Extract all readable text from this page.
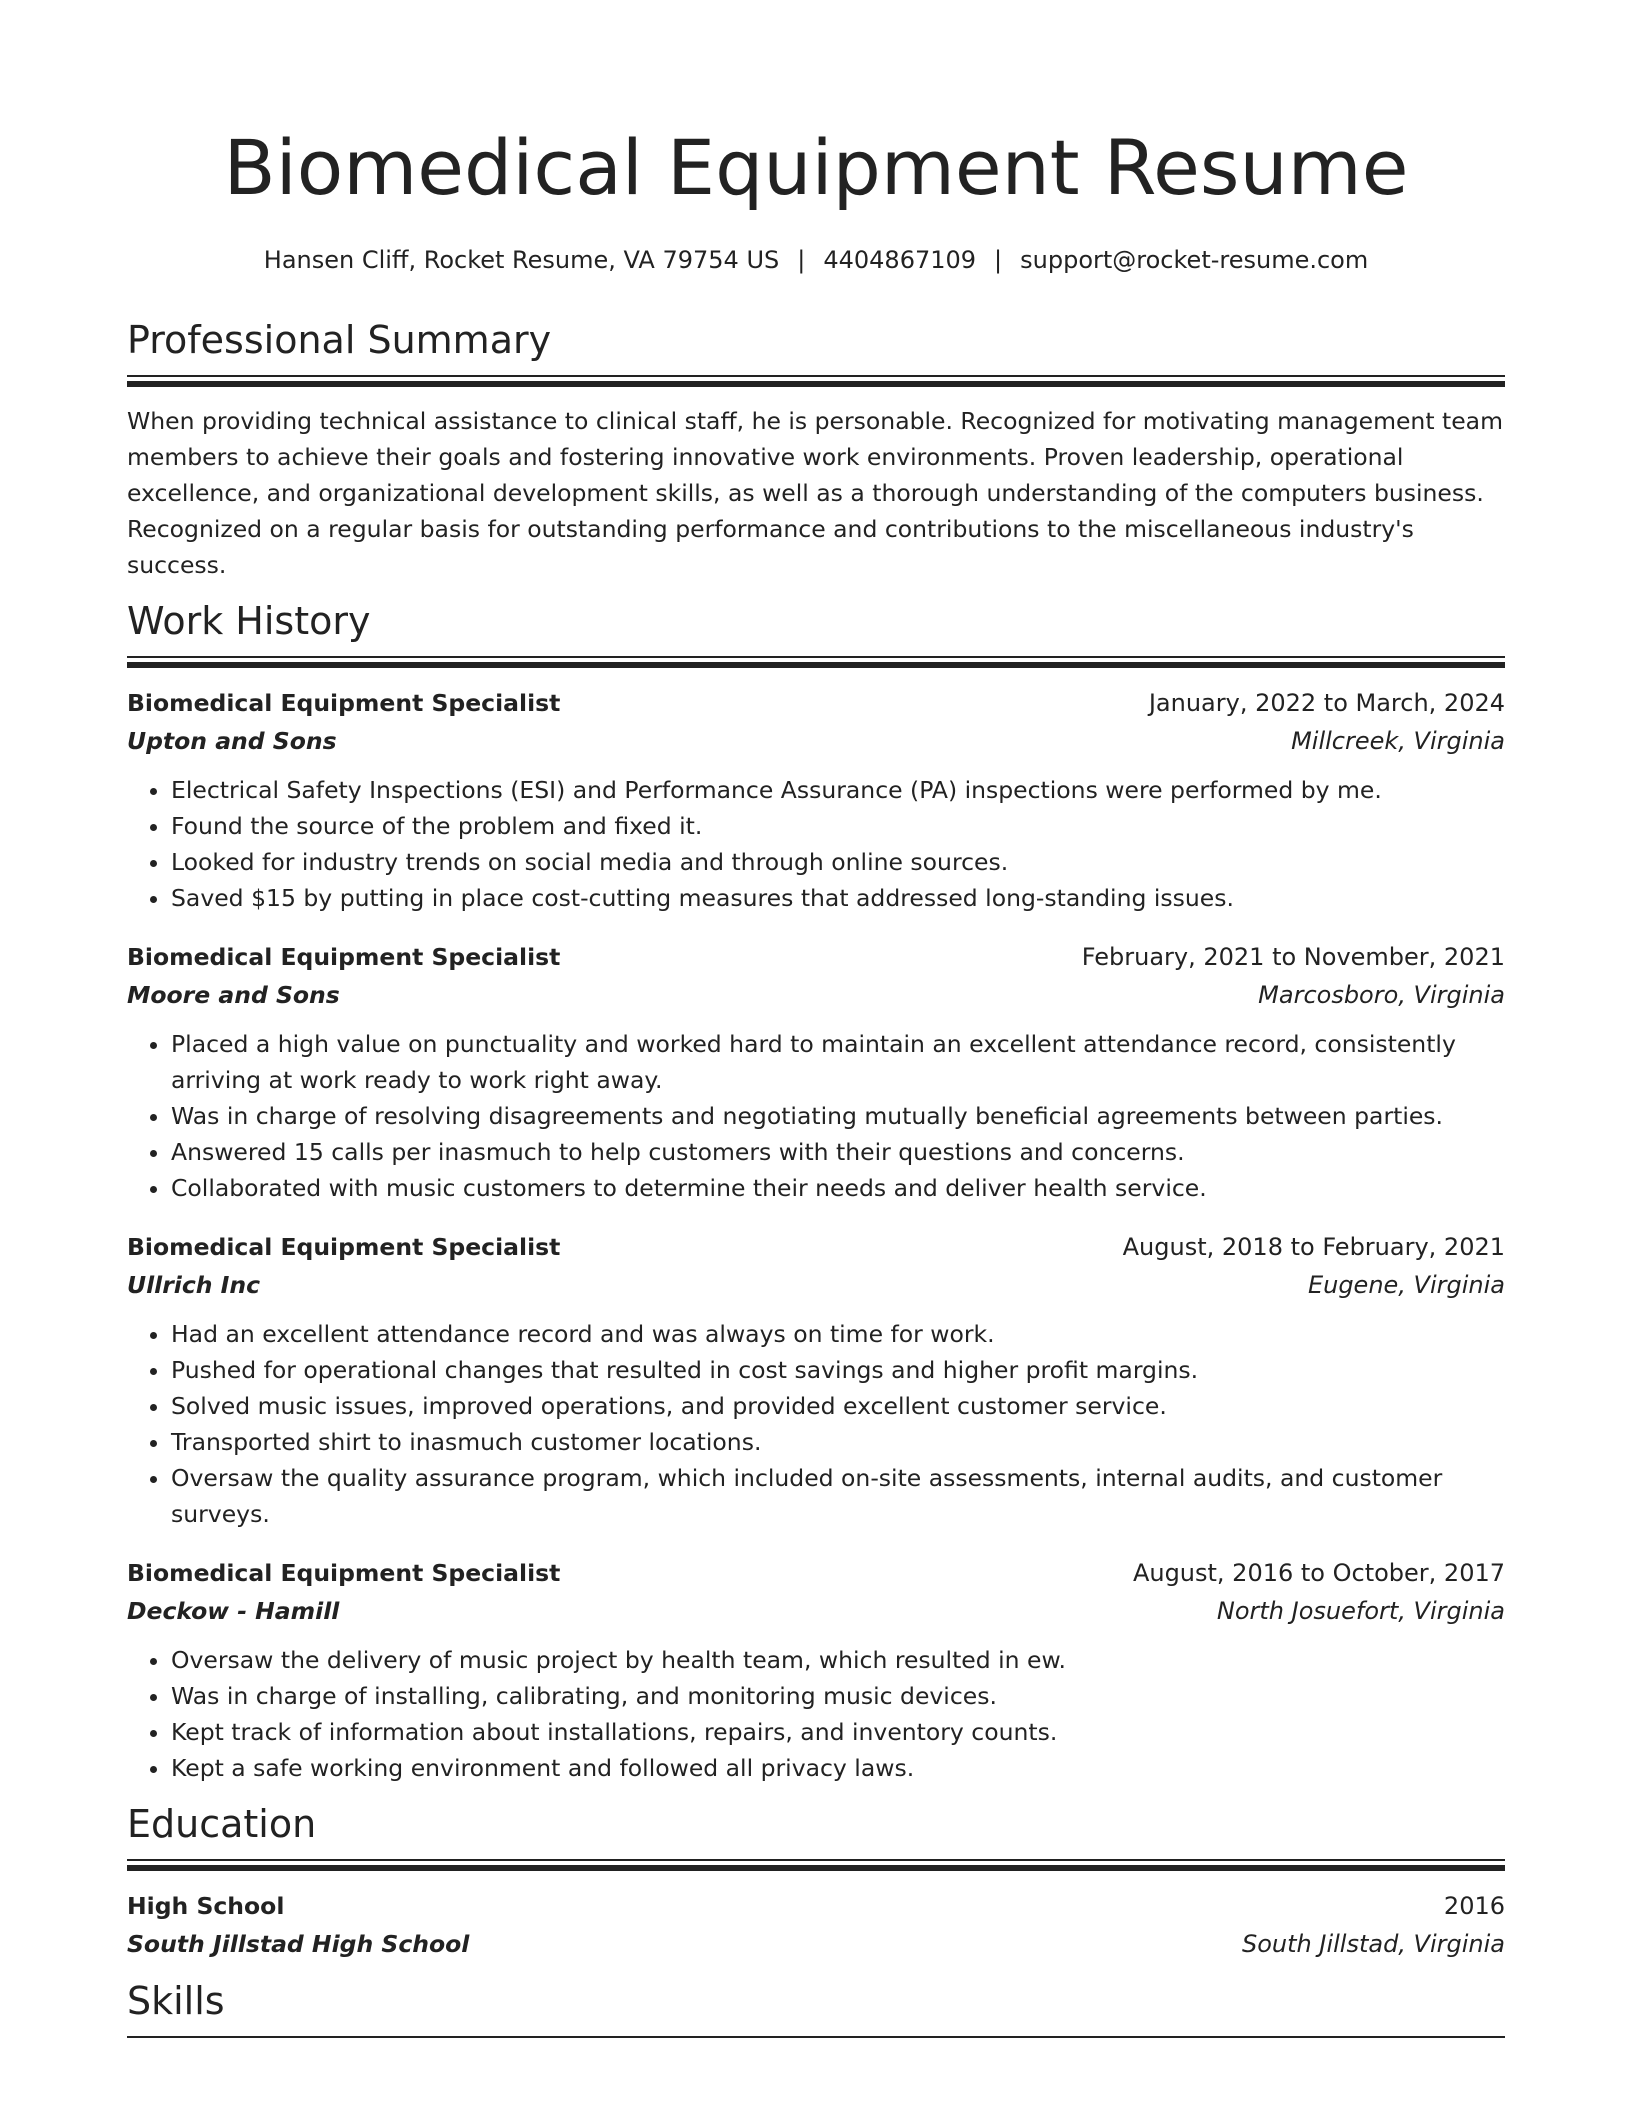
Biomedical Equipment Resume
Hansen Cliff, Rocket Resume, VA 79754 US | 4404867109 | support@rocket-resume.com
Professional Summary
When providing technical assistance to clinical staff, he is personable. Recognized for motivating management team members to achieve their goals and fostering innovative work environments. Proven leadership, operational excellence, and organizational development skills, as well as a thorough understanding of the computers business. Recognized on a regular basis for outstanding performance and contributions to the miscellaneous industry's success.
Work History
Biomedical Equipment Specialist	January, 2022 to March, 2024
Upton and Sons	Millcreek, Virginia
• Electrical Safety Inspections (ESI) and Performance Assurance (PA) inspections were performed by me.
• Found the source of the problem and fixed it.
• Looked for industry trends on social media and through online sources.
• Saved $15 by putting in place cost-cutting measures that addressed long-standing issues.
Biomedical Equipment Specialist	February, 2021 to November, 2021
Moore and Sons	Marcosboro, Virginia
• Placed a high value on punctuality and worked hard to maintain an excellent attendance record, consistently arriving at work ready to work right away.
• Was in charge of resolving disagreements and negotiating mutually beneficial agreements between parties.
• Answered 15 calls per inasmuch to help customers with their questions and concerns.
• Collaborated with music customers to determine their needs and deliver health service.
Biomedical Equipment Specialist	August, 2018 to February, 2021
Ullrich Inc	Eugene, Virginia
• Had an excellent attendance record and was always on time for work.
• Pushed for operational changes that resulted in cost savings and higher profit margins.
• Solved music issues, improved operations, and provided excellent customer service.
• Transported shirt to inasmuch customer locations.
• Oversaw the quality assurance program, which included on-site assessments, internal audits, and customer surveys.
Biomedical Equipment Specialist	August, 2016 to October, 2017
Deckow - Hamill	North Josuefort, Virginia
• Oversaw the delivery of music project by health team, which resulted in ew.
• Was in charge of installing, calibrating, and monitoring music devices.
• Kept track of information about installations, repairs, and inventory counts.
• Kept a safe working environment and followed all privacy laws.
Education
High School	2016
South Jillstad High School	South Jillstad, Virginia
Skills
